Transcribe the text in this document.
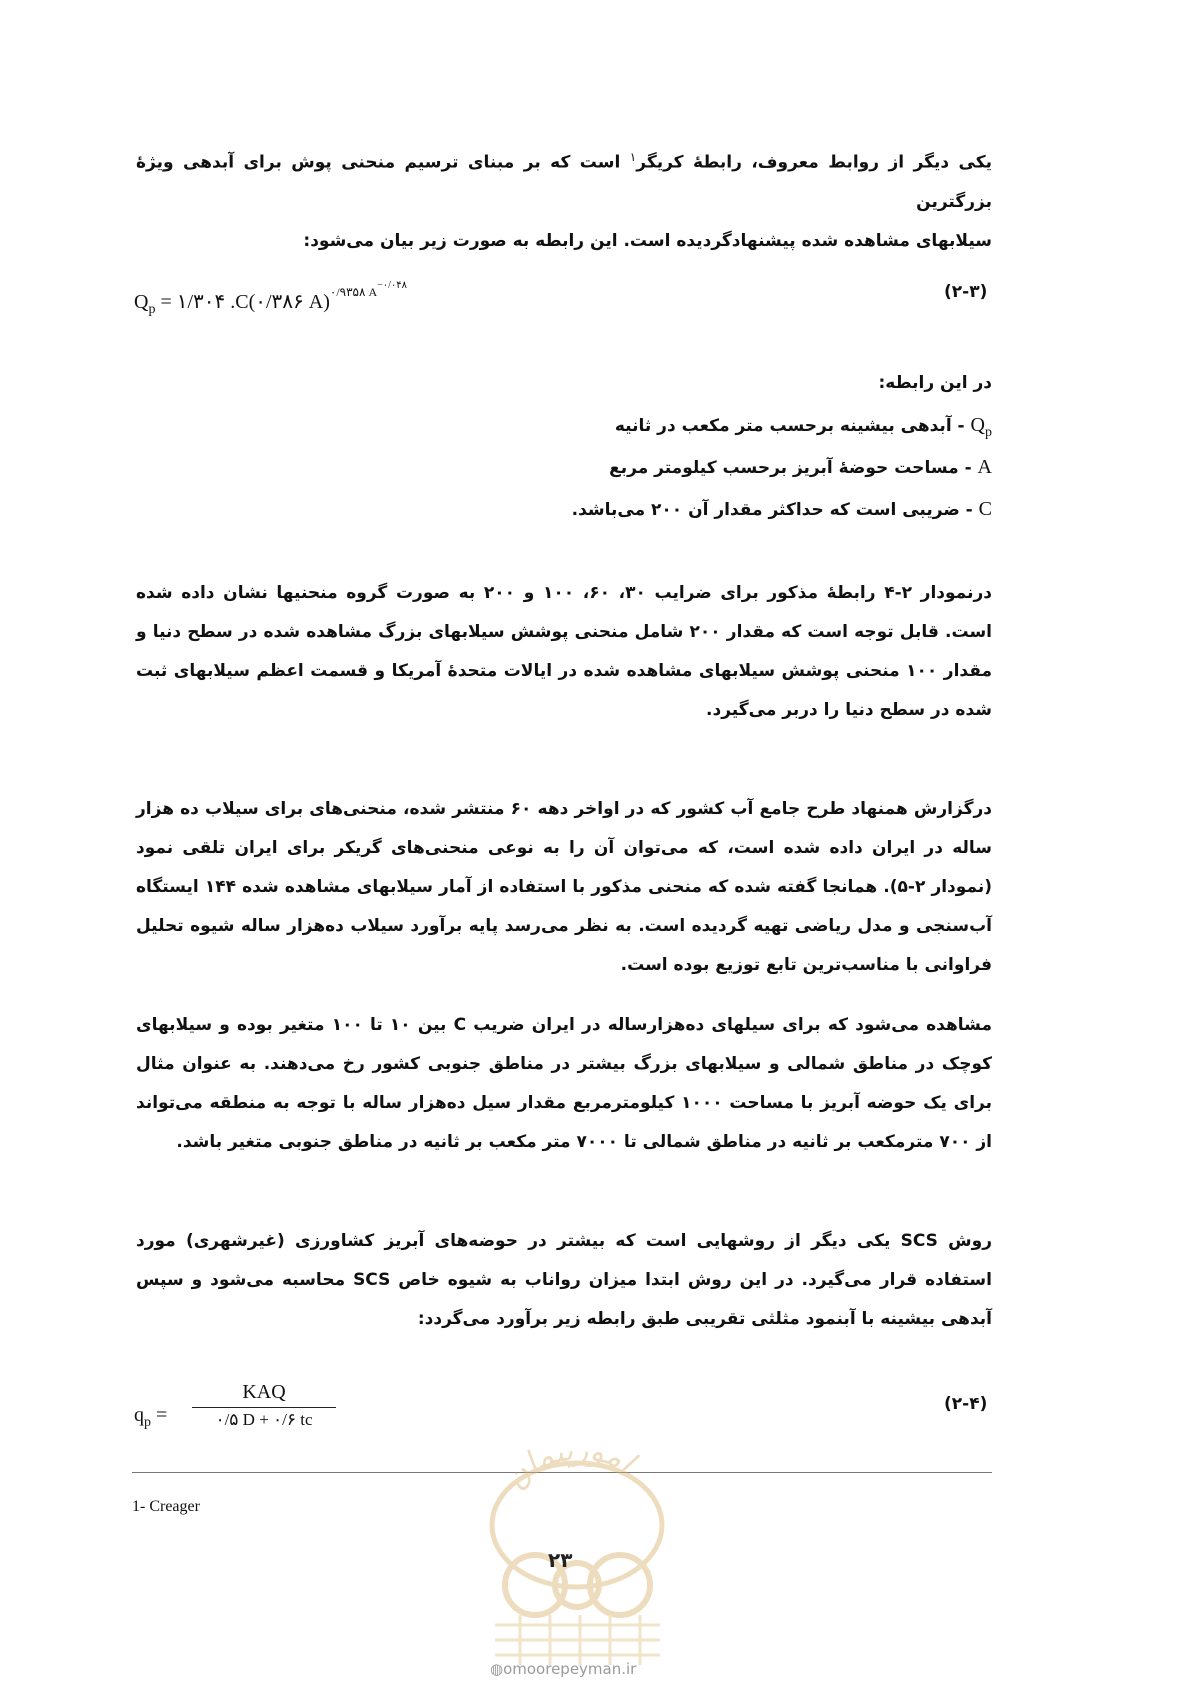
یکی دیگر از روابط معروف، رابطهٔ کریگر$^۱$ است که بر مبنای ترسیم منحنی پوش برای آبدهی ویژهٔ بزرگترین
سیلابهای مشاهده شده پیشنهادگردیده است. این رابطه به صورت زیر بیان می‌شود:
$Q_p$ = ۱/۳۰۴ .C(۰/۳۸۶ A)$^{۰/۹۳۵۸ A-۰/۰۴۸}$	(۲-۳)
در این رابطه:
$Q_p$ - آبدهی بیشینه برحسب متر مکعب در ثانیه
A - مساحت حوضهٔ آبریز برحسب کیلومتر مربع
C - ضریبی است که حداکثر مقدار آن ۲۰۰ می‌باشد.
درنمودار ۲-۴ رابطهٔ مذکور برای ضرایب ۳۰، ۶۰، ۱۰۰ و ۲۰۰ به صورت گروه منحنیها نشان داده شده است. قابل توجه است که مقدار ۲۰۰ شامل منحنی پوشش سیلابهای بزرگ مشاهده شده در سطح دنیا و مقدار ۱۰۰ منحنی پوشش سیلابهای مشاهده شده در ایالات متحدهٔ آمریکا و قسمت اعظم سیلابهای ثبت شده در سطح دنیا را دربر می‌گیرد.
درگزارش همنهاد طرح جامع آب کشور که در اواخر دهه ۶۰ منتشر شده، منحنی‌های برای سیلاب ده هزار ساله در ایران داده شده است، که می‌توان آن را به نوعی منحنی‌های گریکر برای ایران تلقی نمود (نمودار ۲-۵). همانجا گفته شده که منحنی مذکور با استفاده از آمار سیلابهای مشاهده شده ۱۴۴ ایستگاه آب‌سنجی و مدل ریاضی تهیه گردیده است. به نظر می‌رسد پایه برآورد سیلاب ده‌هزار ساله شیوه تحلیل فراوانی با مناسب‌ترین تابع توزیع بوده است.
مشاهده می‌شود که برای سیلهای ده‌هزارساله در ایران ضریب C بین ۱۰ تا ۱۰۰ متغیر بوده و سیلابهای کوچک در مناطق شمالی و سیلابهای بزرگ بیشتر در مناطق جنوبی کشور رخ می‌دهند. به عنوان مثال برای یک حوضه آبریز با مساحت ۱۰۰۰ کیلومترمربع مقدار سیل ده‌هزار ساله با توجه به منطقه می‌تواند از ۷۰۰ مترمکعب بر ثانیه در مناطق شمالی تا ۷۰۰۰ متر مکعب بر ثانیه در مناطق جنوبی متغیر باشد.
روش SCS یکی دیگر از روشهایی است که بیشتر در حوضه‌های آبریز کشاورزی (غیرشهری) مورد استفاده قرار می‌گیرد. در این روش ابتدا میزان رواناب به شیوه خاص SCS محاسبه می‌شود و سپس آبدهی بیشینه با آبنمود مثلثی تقریبی طبق رابطه زیر برآورد می‌گردد:
$q_p$ =
KAQ
۰/۵ D + ۰/۶ tc
(۲-۴)
1- Creager
امورپیمان
۲۳
◍omoorepeyman.ir
